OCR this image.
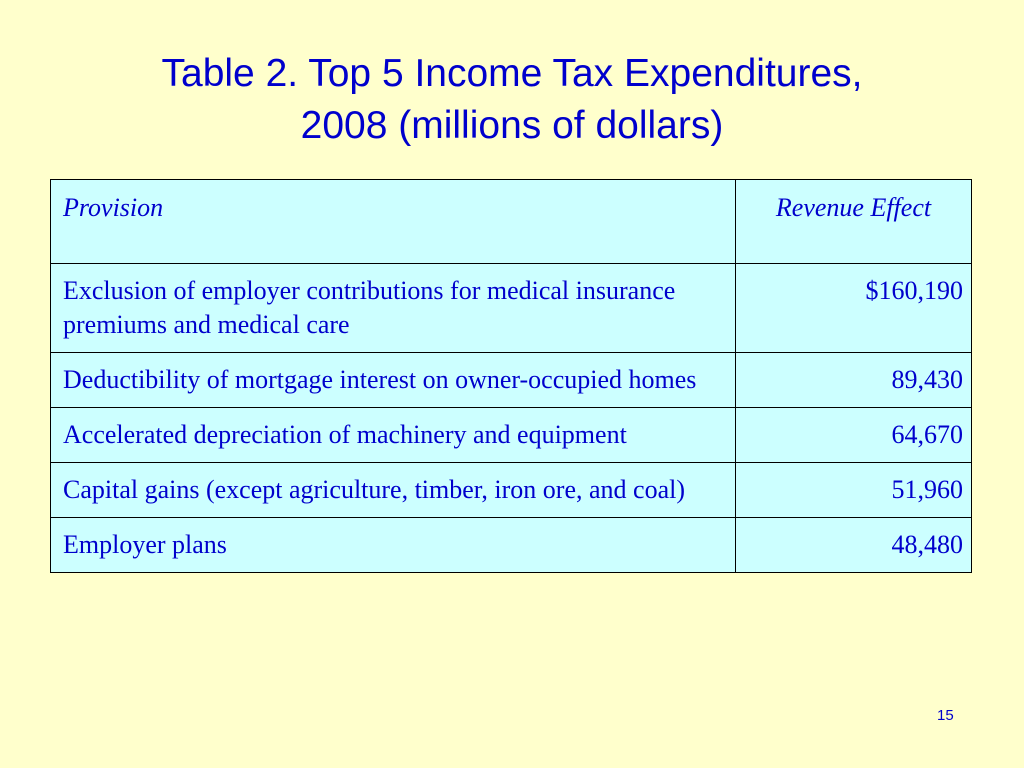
Table 2. Top 5 Income Tax Expenditures,
2008 (millions of dollars)
Provision	Revenue Effect
Exclusion of employer contributions for medical insurance premiums and medical care	$160,190
Deductibility of mortgage interest on owner-occupied homes	89,430
Accelerated depreciation of machinery and equipment	64,670
Capital gains (except agriculture, timber, iron ore, and coal)	51,960
Employer plans	48,480
15
